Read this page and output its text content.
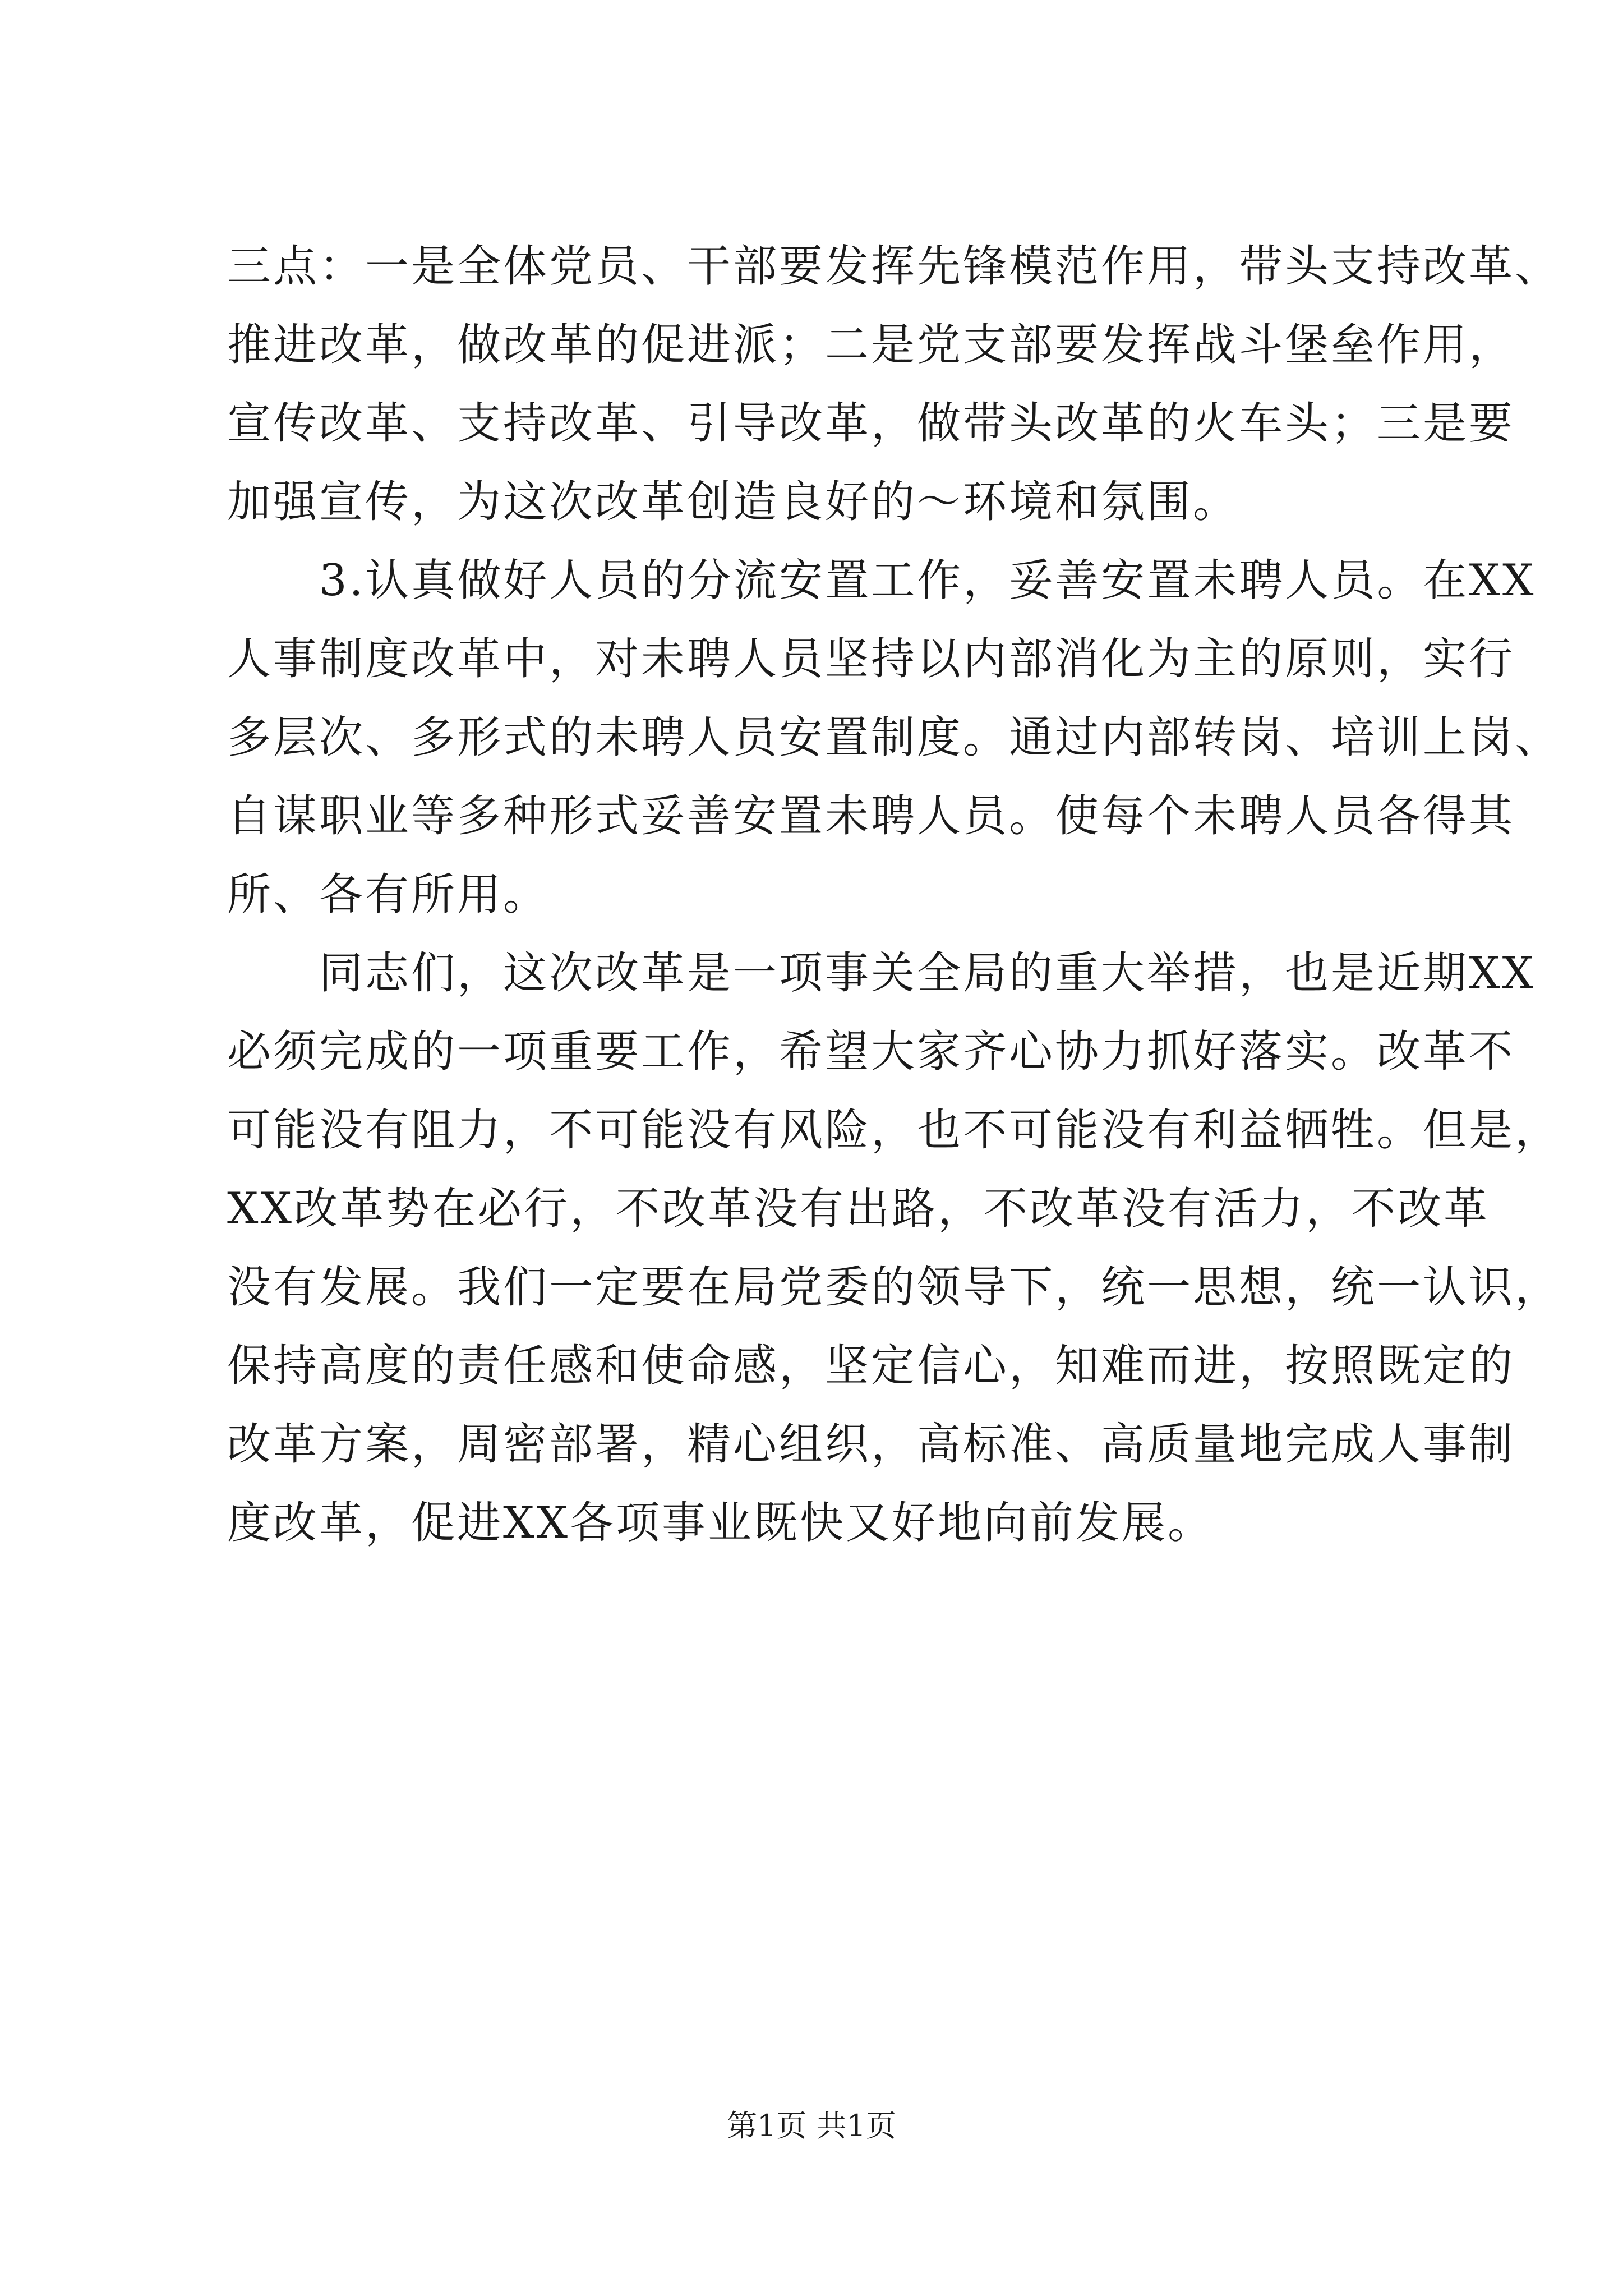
三点：一是全体党员、干部要发挥先锋模范作用，带头支持改革、
推进改革，做改革的促进派；二是党支部要发挥战斗堡垒作用，
宣传改革、支持改革、引导改革，做带头改革的火车头；三是要
加强宣传，为这次改革创造良好的～环境和氛围。
　　3.认真做好人员的分流安置工作，妥善安置未聘人员。在XX
人事制度改革中，对未聘人员坚持以内部消化为主的原则，实行
多层次、多形式的未聘人员安置制度。通过内部转岗、培训上岗、
自谋职业等多种形式妥善安置未聘人员。使每个未聘人员各得其
所、各有所用。
　　同志们，这次改革是一项事关全局的重大举措，也是近期XX
必须完成的一项重要工作，希望大家齐心协力抓好落实。改革不
可能没有阻力，不可能没有风险，也不可能没有利益牺牲。但是，
XX改革势在必行，不改革没有出路，不改革没有活力，不改革
没有发展。我们一定要在局党委的领导下，统一思想，统一认识，
保持高度的责任感和使命感，坚定信心，知难而进，按照既定的
改革方案，周密部署，精心组织，高标准、高质量地完成人事制
度改革，促进XX各项事业既快又好地向前发展。
第1页 共1页
